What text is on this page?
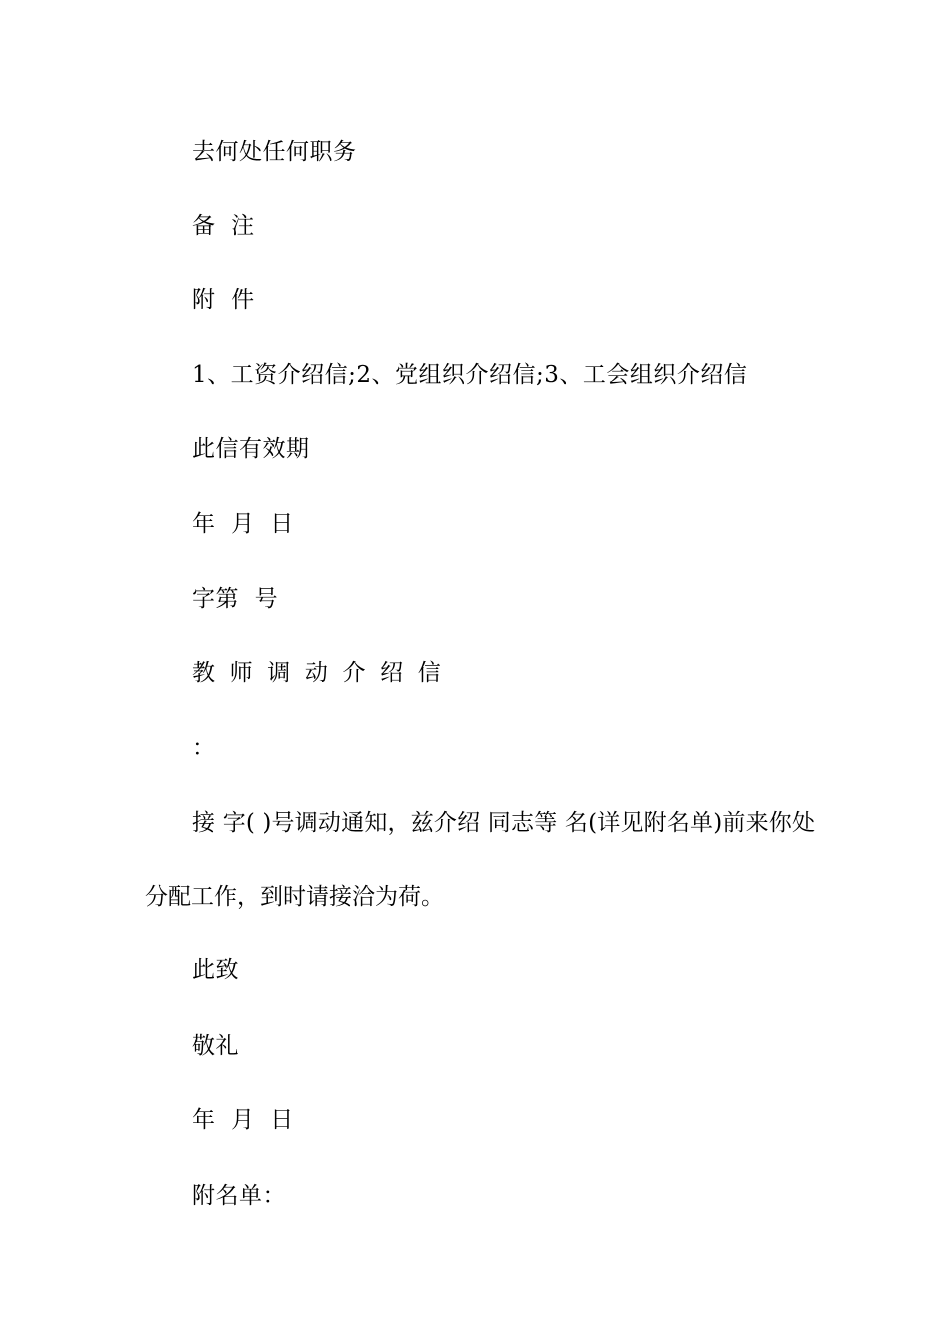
去何处任何职务
备  注
附  件
1、工资介绍信;2、党组织介绍信;3、工会组织介绍信
此信有效期
年  月  日
字第  号
教  师  调  动  介  绍  信
：
接 字( )号调动通知，兹介绍 同志等 名(详见附名单)前来你处分配工作，到时请接洽为荷。
此致
敬礼
年  月  日
附名单：
